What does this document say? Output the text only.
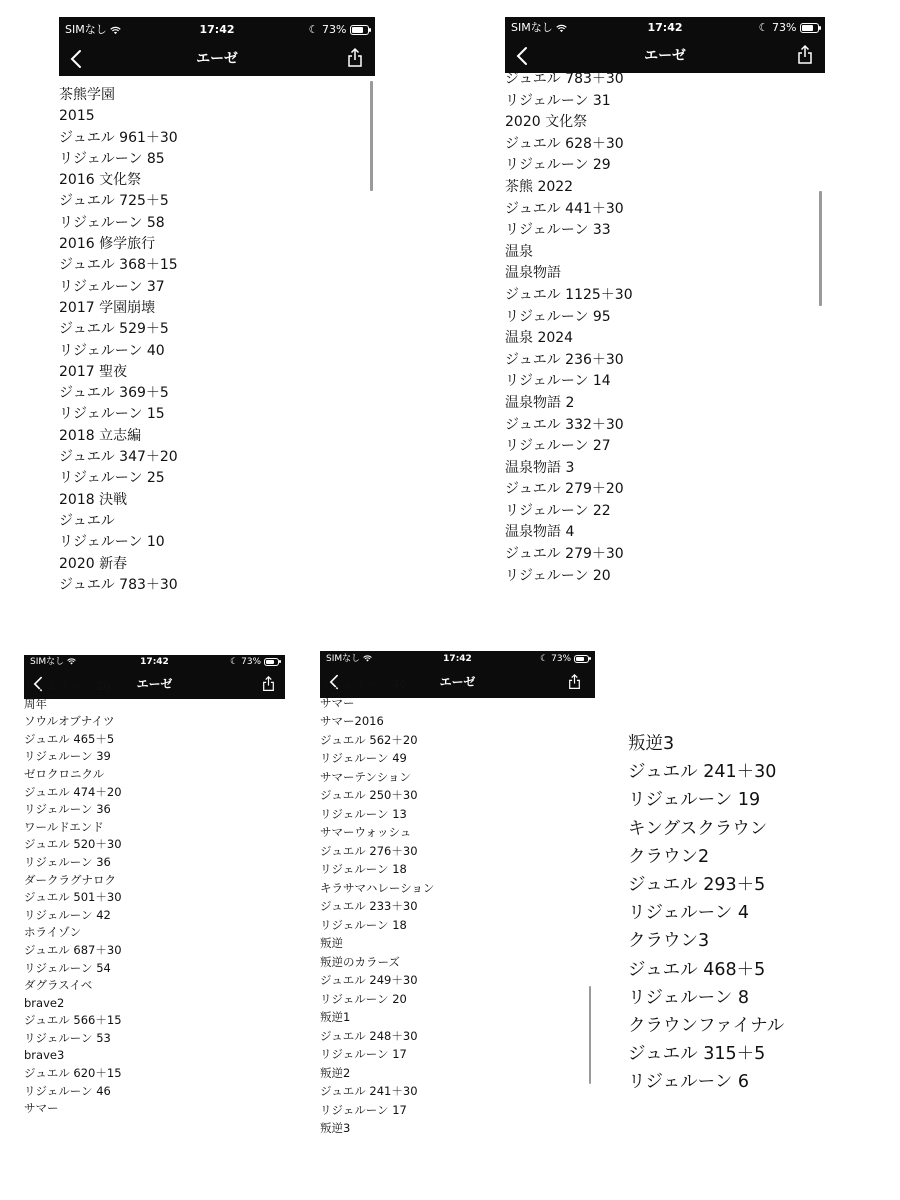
SIMなし	17:42	☾ 73%
エーゼ
茶熊学園
2015
ジュエル 961＋30
リジェルーン 85
2016 文化祭
ジュエル 725＋5
リジェルーン 58
2016 修学旅行
ジュエル 368＋15
リジェルーン 37
2017 学園崩壊
ジュエル 529＋5
リジェルーン 40
2017 聖夜
ジュエル 369＋5
リジェルーン 15
2018 立志編
ジュエル 347＋20
リジェルーン 25
2018 決戦
ジュエル
リジェルーン 10
2020 新春
ジュエル 783＋30
SIMなし	17:42	☾ 73%
エーゼ
ジュエル 783＋30
リジェルーン 31
2020 文化祭
ジュエル 628＋30
リジェルーン 29
茶熊 2022
ジュエル 441＋30
リジェルーン 33
温泉
温泉物語
ジュエル 1125＋30
リジェルーン 95
温泉 2024
ジュエル 236＋30
リジェルーン 14
温泉物語 2
ジュエル 332＋30
リジェルーン 27
温泉物語 3
ジュエル 279＋20
リジェルーン 22
温泉物語 4
ジュエル 279＋30
リジェルーン 20
SIMなし	17:42	☾ 73%
エーゼ
リジェルーン 20
周年
ソウルオブナイツ
ジュエル 465＋5
リジェルーン 39
ゼロクロニクル
ジュエル 474＋20
リジェルーン 36
ワールドエンド
ジュエル 520＋30
リジェルーン 36
ダークラグナロク
ジュエル 501＋30
リジェルーン 42
ホライゾン
ジュエル 687＋30
リジェルーン 54
ダグラスイベ
brave2
ジュエル 566＋15
リジェルーン 53
brave3
ジュエル 620＋15
リジェルーン 46
サマー
SIMなし	17:42	☾ 73%
エーゼ
リジェルーン 46
サマー
サマー2016
ジュエル 562＋20
リジェルーン 49
サマーテンション
ジュエル 250＋30
リジェルーン 13
サマーウォッシュ
ジュエル 276＋30
リジェルーン 18
キラサマハレーション
ジュエル 233＋30
リジェルーン 18
叛逆
叛逆のカラーズ
ジュエル 249＋30
リジェルーン 20
叛逆1
ジュエル 248＋30
リジェルーン 17
叛逆2
ジュエル 241＋30
リジェルーン 17
叛逆3
叛逆3
ジュエル 241＋30
リジェルーン 19
キングスクラウン
クラウン2
ジュエル 293＋5
リジェルーン 4
クラウン3
ジュエル 468＋5
リジェルーン 8
クラウンファイナル
ジュエル 315＋5
リジェルーン 6
